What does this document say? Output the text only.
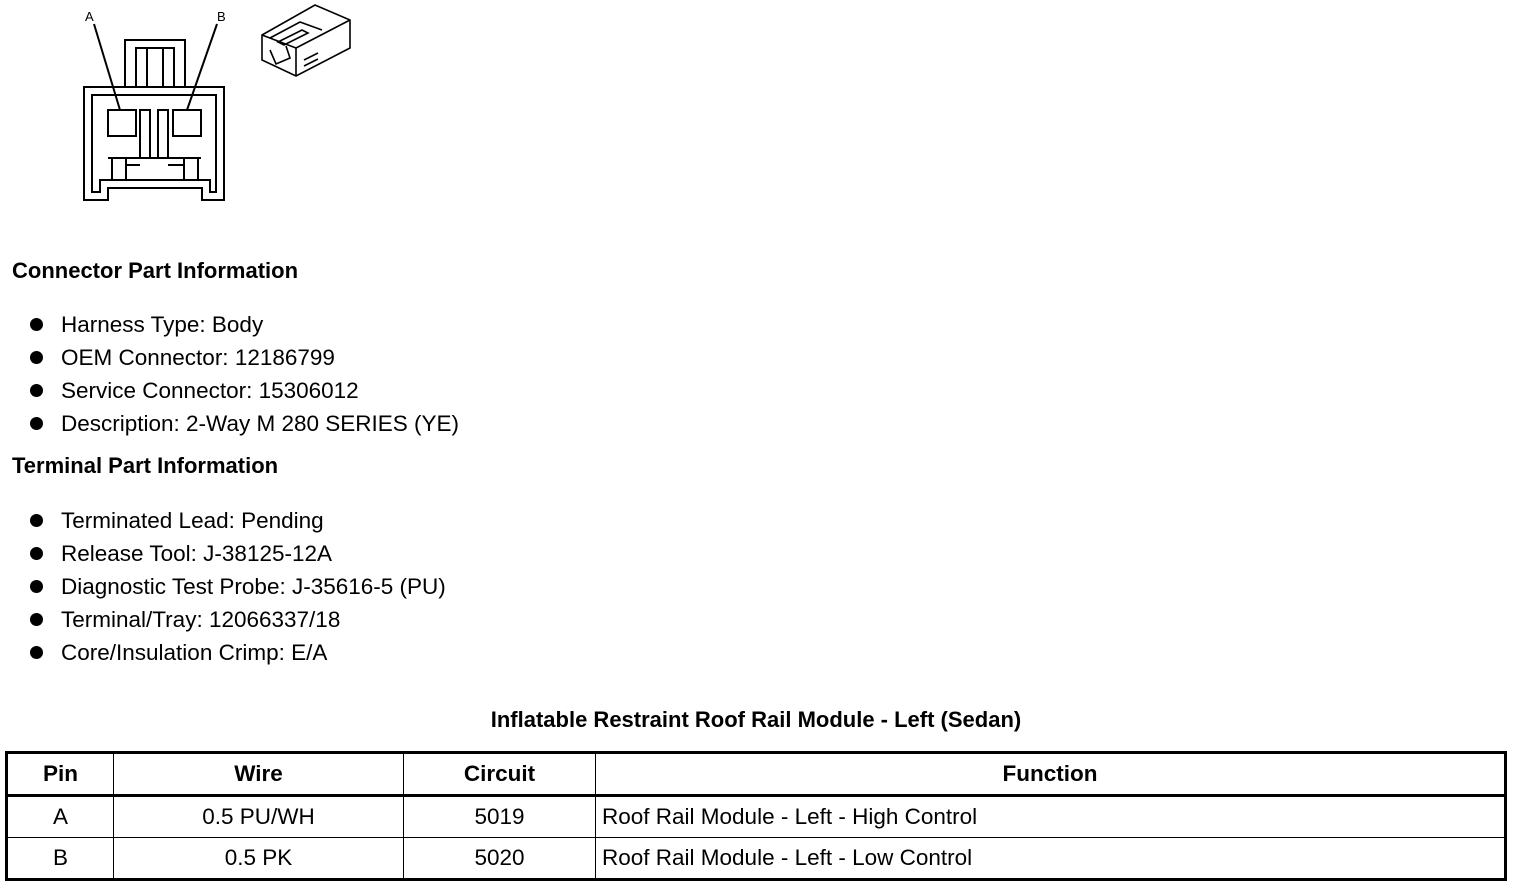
A	B
Connector Part Information
Harness Type: Body
OEM Connector: 12186799
Service Connector: 15306012
Description: 2-Way M 280 SERIES (YE)
Terminal Part Information
Terminated Lead: Pending
Release Tool: J-38125-12A
Diagnostic Test Probe: J-35616-5 (PU)
Terminal/Tray: 12066337/18
Core/Insulation Crimp: E/A
Inflatable Restraint Roof Rail Module - Left (Sedan)
Pin	Wire	Circuit	Function
A	0.5 PU/WH	5019	Roof Rail Module - Left - High Control
B	0.5 PK	5020	Roof Rail Module - Left - Low Control
